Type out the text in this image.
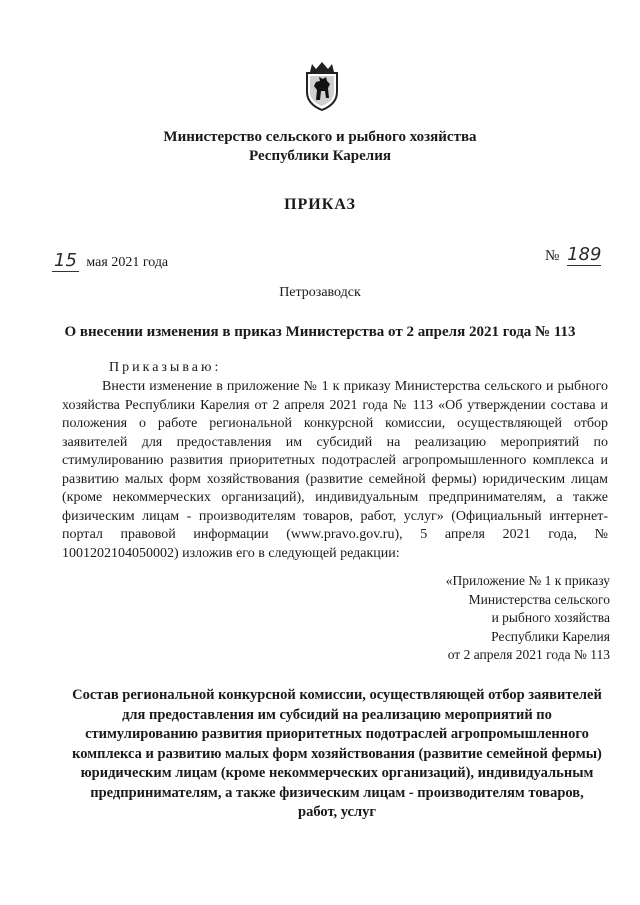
Министерство сельского и рыбного хозяйства
Республики Карелия
ПРИКАЗ
15 мая 2021 года	№ 189
Петрозаводск
О внесении изменения в приказ Министерства от 2 апреля 2021 года № 113
Приказываю:

Внести изменение в приложение № 1 к приказу Министерства сельского и рыбного хозяйства Республики Карелия от 2 апреля 2021 года № 113 «Об утверждении состава и положения о работе региональной конкурсной комиссии, осуществляющей отбор заявителей для предоставления им субсидий на реализацию мероприятий по стимулированию развития приоритетных подотраслей агропромышленного комплекса и развитию малых форм хозяйствования (развитие семейной фермы) юридическим лицам (кроме некоммерческих организаций), индивидуальным предпринимателям, а также физическим лицам - производителям товаров, работ, услуг» (Официальный интернет-портал правовой информации (www.pravo.gov.ru), 5 апреля 2021 года, № 1001202104050002) изложив его в следующей редакции:

«Приложение № 1 к приказу
Министерства сельского
и рыбного хозяйства
Республики Карелия
от 2 апреля 2021 года № 113
Состав региональной конкурсной комиссии, осуществляющей отбор заявителей для предоставления им субсидий на реализацию мероприятий по стимулированию развития приоритетных подотраслей агропромышленного комплекса и развитию малых форм хозяйствования (развитие семейной фермы) юридическим лицам (кроме некоммерческих организаций), индивидуальным предпринимателям, а также физическим лицам - производителям товаров, работ, услуг
